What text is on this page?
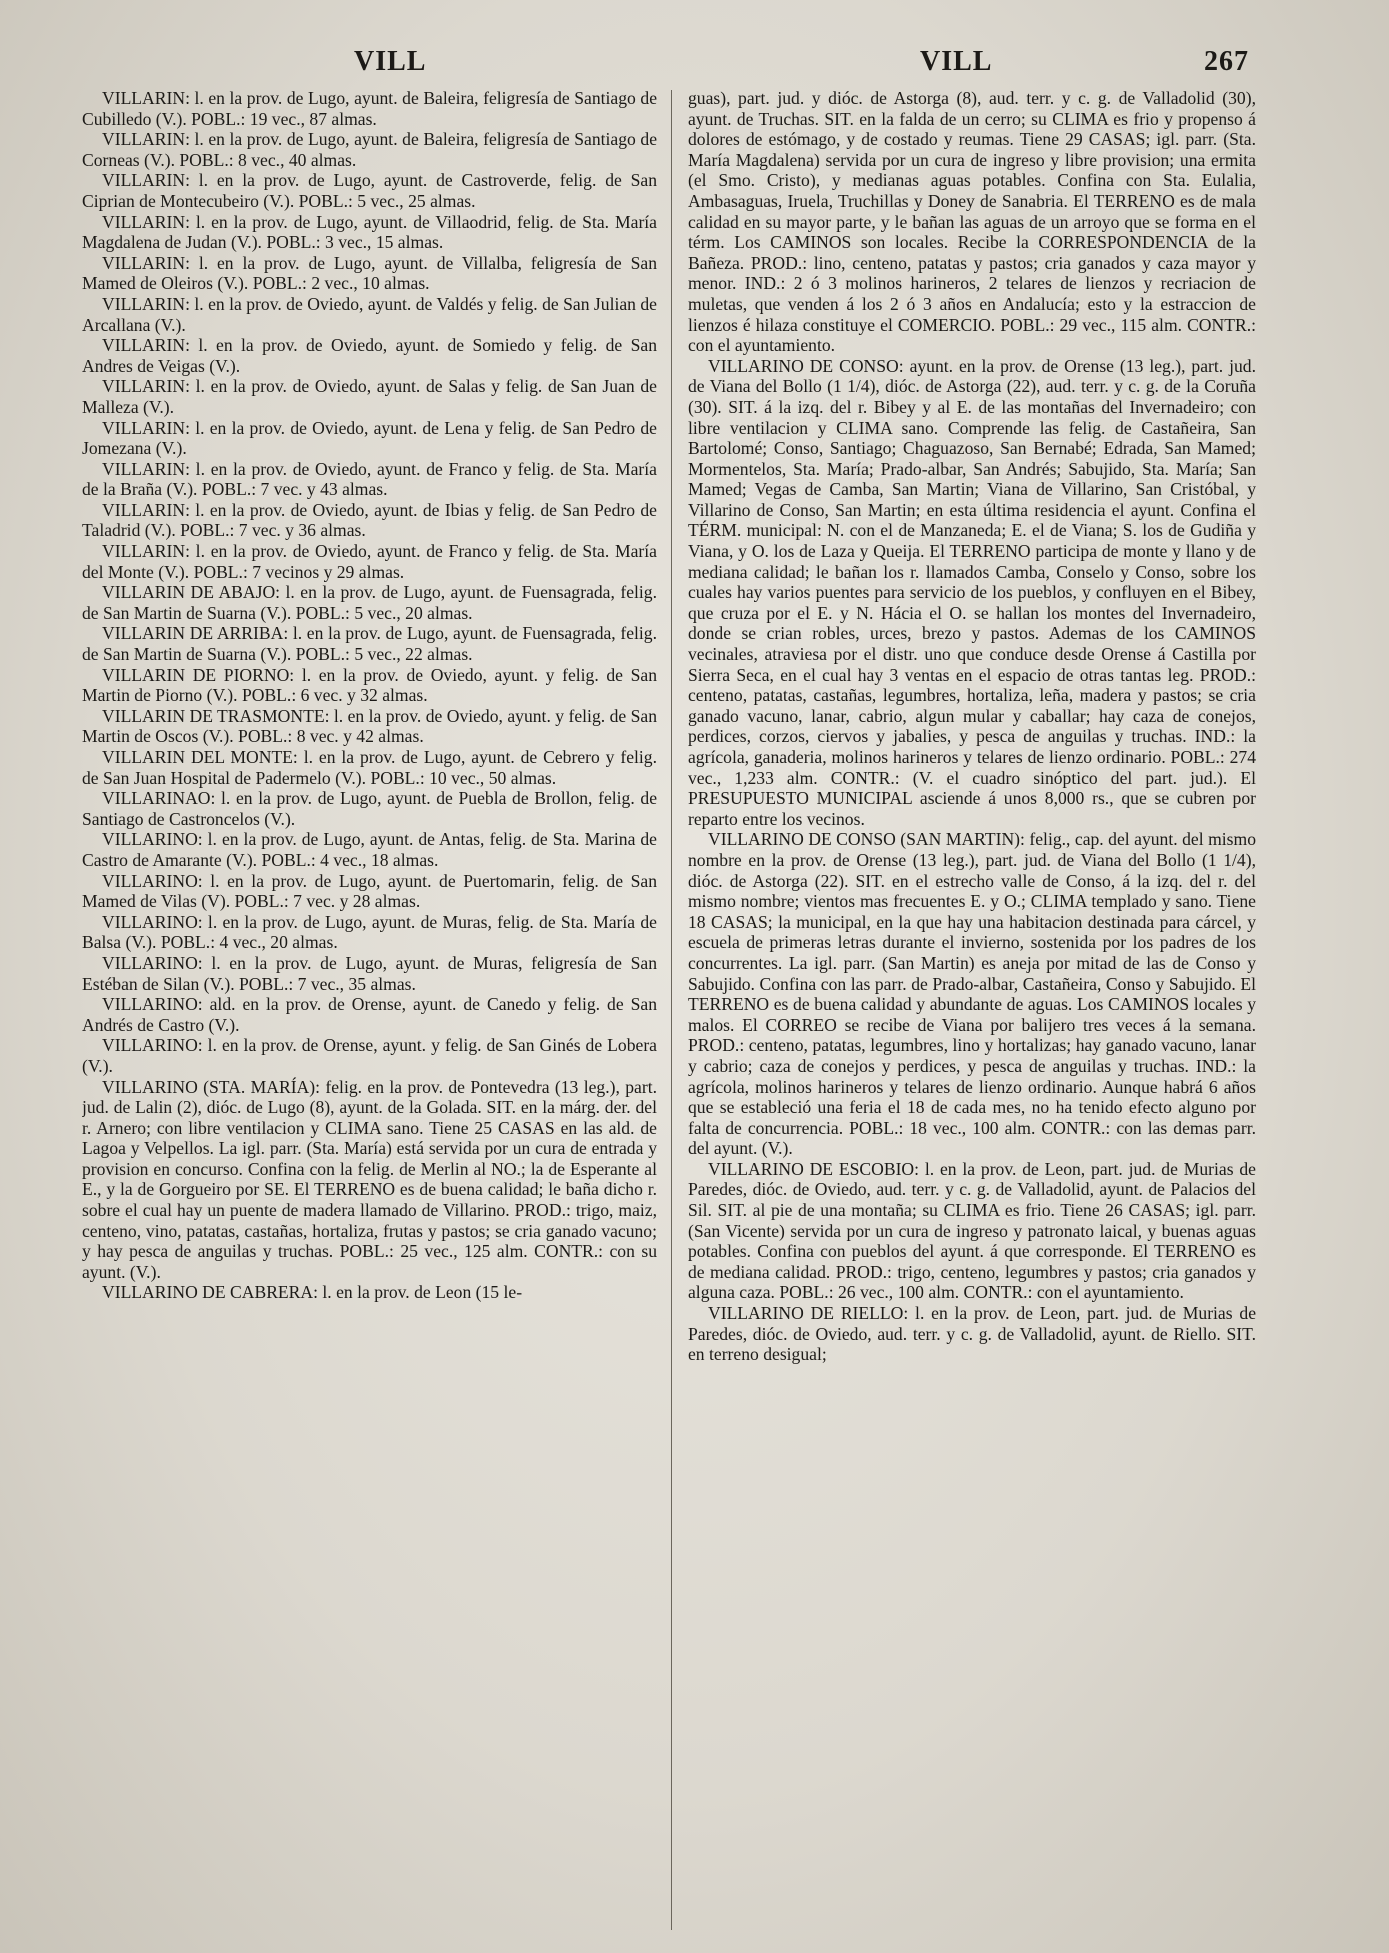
VILL	VILL	267

VILLARIN: l. en la prov. de Lugo, ayunt. de Baleira, feligresía de Santiago de Cubilledo (V.). POBL.: 19 vec., 87 almas.

VILLARIN: l. en la prov. de Lugo, ayunt. de Baleira, feligresía de Santiago de Corneas (V.). POBL.: 8 vec., 40 almas.

VILLARIN: l. en la prov. de Lugo, ayunt. de Castroverde, felig. de San Ciprian de Montecubeiro (V.). POBL.: 5 vec., 25 almas.

VILLARIN: l. en la prov. de Lugo, ayunt. de Villaodrid, felig. de Sta. María Magdalena de Judan (V.). POBL.: 3 vec., 15 almas.

VILLARIN: l. en la prov. de Lugo, ayunt. de Villalba, feligresía de San Mamed de Oleiros (V.). POBL.: 2 vec., 10 almas.

VILLARIN: l. en la prov. de Oviedo, ayunt. de Valdés y felig. de San Julian de Arcallana (V.).

VILLARIN: l. en la prov. de Oviedo, ayunt. de Somiedo y felig. de San Andres de Veigas (V.).

VILLARIN: l. en la prov. de Oviedo, ayunt. de Salas y felig. de San Juan de Malleza (V.).

VILLARIN: l. en la prov. de Oviedo, ayunt. de Lena y felig. de San Pedro de Jomezana (V.).

VILLARIN: l. en la prov. de Oviedo, ayunt. de Franco y felig. de Sta. María de la Braña (V.). POBL.: 7 vec. y 43 almas.

VILLARIN: l. en la prov. de Oviedo, ayunt. de Ibias y felig. de San Pedro de Taladrid (V.). POBL.: 7 vec. y 36 almas.

VILLARIN: l. en la prov. de Oviedo, ayunt. de Franco y felig. de Sta. María del Monte (V.). POBL.: 7 vecinos y 29 almas.

VILLARIN DE ABAJO: l. en la prov. de Lugo, ayunt. de Fuensagrada, felig. de San Martin de Suarna (V.). POBL.: 5 vec., 20 almas.

VILLARIN DE ARRIBA: l. en la prov. de Lugo, ayunt. de Fuensagrada, felig. de San Martin de Suarna (V.). POBL.: 5 vec., 22 almas.

VILLARIN DE PIORNO: l. en la prov. de Oviedo, ayunt. y felig. de San Martin de Piorno (V.). POBL.: 6 vec. y 32 almas.

VILLARIN DE TRASMONTE: l. en la prov. de Oviedo, ayunt. y felig. de San Martin de Oscos (V.). POBL.: 8 vec. y 42 almas.

VILLARIN DEL MONTE: l. en la prov. de Lugo, ayunt. de Cebrero y felig. de San Juan Hospital de Padermelo (V.). POBL.: 10 vec., 50 almas.

VILLARINAO: l. en la prov. de Lugo, ayunt. de Puebla de Brollon, felig. de Santiago de Castroncelos (V.).

VILLARINO: l. en la prov. de Lugo, ayunt. de Antas, felig. de Sta. Marina de Castro de Amarante (V.). POBL.: 4 vec., 18 almas.

VILLARINO: l. en la prov. de Lugo, ayunt. de Puertomarin, felig. de San Mamed de Vilas (V). POBL.: 7 vec. y 28 almas.

VILLARINO: l. en la prov. de Lugo, ayunt. de Muras, felig. de Sta. María de Balsa (V.). POBL.: 4 vec., 20 almas.

VILLARINO: l. en la prov. de Lugo, ayunt. de Muras, feligresía de San Estéban de Silan (V.). POBL.: 7 vec., 35 almas.

VILLARINO: ald. en la prov. de Orense, ayunt. de Canedo y felig. de San Andrés de Castro (V.).

VILLARINO: l. en la prov. de Orense, ayunt. y felig. de San Ginés de Lobera (V.).

VILLARINO (STA. MARÍA): felig. en la prov. de Pontevedra (13 leg.), part. jud. de Lalin (2), dióc. de Lugo (8), ayunt. de la Golada. SIT. en la márg. der. del r. Arnero; con libre ventilacion y CLIMA sano. Tiene 25 CASAS en las ald. de Lagoa y Velpellos. La igl. parr. (Sta. María) está servida por un cura de entrada y provision en concurso. Confina con la felig. de Merlin al NO.; la de Esperante al E., y la de Gorgueiro por SE. El TERRENO es de buena calidad; le baña dicho r. sobre el cual hay un puente de madera llamado de Villarino. PROD.: trigo, maiz, centeno, vino, patatas, castañas, hortaliza, frutas y pastos; se cria ganado vacuno; y hay pesca de anguilas y truchas. POBL.: 25 vec., 125 alm. CONTR.: con su ayunt. (V.).

VILLARINO DE CABRERA: l. en la prov. de Leon (15 le-

guas), part. jud. y dióc. de Astorga (8), aud. terr. y c. g. de Valladolid (30), ayunt. de Truchas. SIT. en la falda de un cerro; su CLIMA es frio y propenso á dolores de estómago, y de costado y reumas. Tiene 29 CASAS; igl. parr. (Sta. María Magdalena) servida por un cura de ingreso y libre provision; una ermita (el Smo. Cristo), y medianas aguas potables. Confina con Sta. Eulalia, Ambasaguas, Iruela, Truchillas y Doney de Sanabria. El TERRENO es de mala calidad en su mayor parte, y le bañan las aguas de un arroyo que se forma en el térm. Los CAMINOS son locales. Recibe la CORRESPONDENCIA de la Bañeza. PROD.: lino, centeno, patatas y pastos; cria ganados y caza mayor y menor. IND.: 2 ó 3 molinos harineros, 2 telares de lienzos y recriacion de muletas, que venden á los 2 ó 3 años en Andalucía; esto y la estraccion de lienzos é hilaza constituye el COMERCIO. POBL.: 29 vec., 115 alm. CONTR.: con el ayuntamiento.

VILLARINO DE CONSO: ayunt. en la prov. de Orense (13 leg.), part. jud. de Viana del Bollo (1 1/4), dióc. de Astorga (22), aud. terr. y c. g. de la Coruña (30). SIT. á la izq. del r. Bibey y al E. de las montañas del Invernadeiro; con libre ventilacion y CLIMA sano. Comprende las felig. de Castañeira, San Bartolomé; Conso, Santiago; Chaguazoso, San Bernabé; Edrada, San Mamed; Mormentelos, Sta. María; Prado-albar, San Andrés; Sabujido, Sta. María; San Mamed; Vegas de Camba, San Martin; Viana de Villarino, San Cristóbal, y Villarino de Conso, San Martin; en esta última residencia el ayunt. Confina el TÉRM. municipal: N. con el de Manzaneda; E. el de Viana; S. los de Gudiña y Viana, y O. los de Laza y Queija. El TERRENO participa de monte y llano y de mediana calidad; le bañan los r. llamados Camba, Conselo y Conso, sobre los cuales hay varios puentes para servicio de los pueblos, y confluyen en el Bibey, que cruza por el E. y N. Hácia el O. se hallan los montes del Invernadeiro, donde se crian robles, urces, brezo y pastos. Ademas de los CAMINOS vecinales, atraviesa por el distr. uno que conduce desde Orense á Castilla por Sierra Seca, en el cual hay 3 ventas en el espacio de otras tantas leg. PROD.: centeno, patatas, castañas, legumbres, hortaliza, leña, madera y pastos; se cria ganado vacuno, lanar, cabrio, algun mular y caballar; hay caza de conejos, perdices, corzos, ciervos y jabalies, y pesca de anguilas y truchas. IND.: la agrícola, ganaderia, molinos harineros y telares de lienzo ordinario. POBL.: 274 vec., 1,233 alm. CONTR.: (V. el cuadro sinóptico del part. jud.). El PRESUPUESTO MUNICIPAL asciende á unos 8,000 rs., que se cubren por reparto entre los vecinos.

VILLARINO DE CONSO (SAN MARTIN): felig., cap. del ayunt. del mismo nombre en la prov. de Orense (13 leg.), part. jud. de Viana del Bollo (1 1/4), dióc. de Astorga (22). SIT. en el estrecho valle de Conso, á la izq. del r. del mismo nombre; vientos mas frecuentes E. y O.; CLIMA templado y sano. Tiene 18 CASAS; la municipal, en la que hay una habitacion destinada para cárcel, y escuela de primeras letras durante el invierno, sostenida por los padres de los concurrentes. La igl. parr. (San Martin) es aneja por mitad de las de Conso y Sabujido. Confina con las parr. de Prado-albar, Castañeira, Conso y Sabujido. El TERRENO es de buena calidad y abundante de aguas. Los CAMINOS locales y malos. El CORREO se recibe de Viana por balijero tres veces á la semana. PROD.: centeno, patatas, legumbres, lino y hortalizas; hay ganado vacuno, lanar y cabrio; caza de conejos y perdices, y pesca de anguilas y truchas. IND.: la agrícola, molinos harineros y telares de lienzo ordinario. Aunque habrá 6 años que se estableció una feria el 18 de cada mes, no ha tenido efecto alguno por falta de concurrencia. POBL.: 18 vec., 100 alm. CONTR.: con las demas parr. del ayunt. (V.).

VILLARINO DE ESCOBIO: l. en la prov. de Leon, part. jud. de Murias de Paredes, dióc. de Oviedo, aud. terr. y c. g. de Valladolid, ayunt. de Palacios del Sil. SIT. al pie de una montaña; su CLIMA es frio. Tiene 26 CASAS; igl. parr. (San Vicente) servida por un cura de ingreso y patronato laical, y buenas aguas potables. Confina con pueblos del ayunt. á que corresponde. El TERRENO es de mediana calidad. PROD.: trigo, centeno, legumbres y pastos; cria ganados y alguna caza. POBL.: 26 vec., 100 alm. CONTR.: con el ayuntamiento.

VILLARINO DE RIELLO: l. en la prov. de Leon, part. jud. de Murias de Paredes, dióc. de Oviedo, aud. terr. y c. g. de Valladolid, ayunt. de Riello. SIT. en terreno desigual;
